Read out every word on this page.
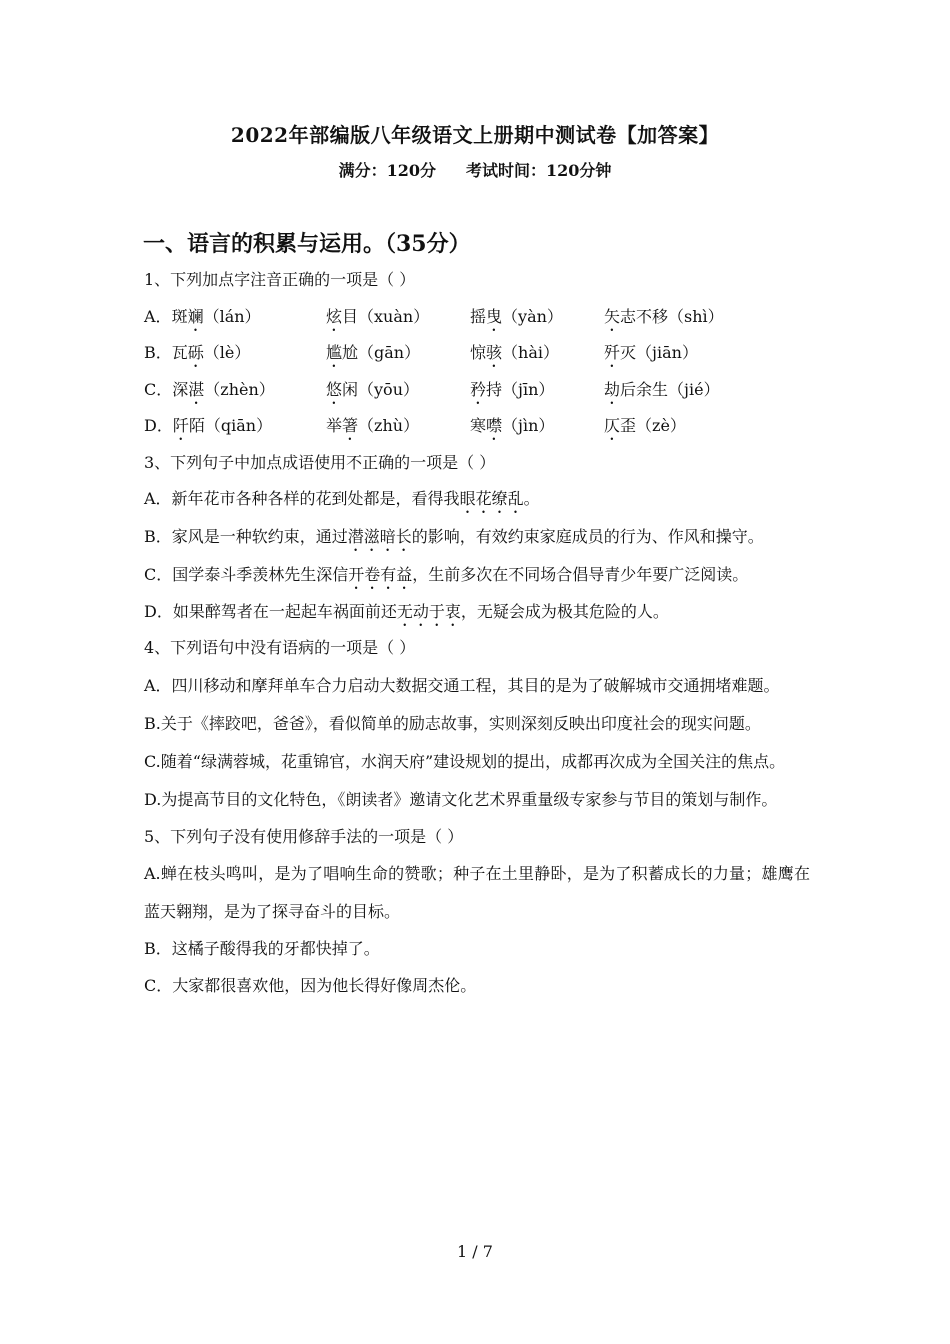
2022年部编版八年级语文上册期中测试卷【加答案】
满分：120分 考试时间：120分钟
一、语言的积累与运用。（35分）
1、下列加点字注音正确的一项是（ ）
A．斑斓（lán）	炫目（xuàn）	摇曳（yàn）	矢志不移（shì）
B．瓦砾（lè）	尴尬（gān）	惊骇（hài）	歼灭（jiān）
C．深湛（zhèn）	悠闲（yōu）	矜持（jīn）	劫后余生（jié）
D．阡陌（qiān）	举箸（zhù）	寒噤（jìn）	仄歪（zè）
3、下列句子中加点成语使用不正确的一项是（ ）
A．新年花市各种各样的花到处都是，看得我眼花缭乱。
B．家风是一种软约束，通过潜滋暗长的影响，有效约束家庭成员的行为、作风和操守。
C．国学泰斗季羡林先生深信开卷有益，生前多次在不同场合倡导青少年要广泛阅读。
D．如果醉驾者在一起起车祸面前还无动于衷，无疑会成为极其危险的人。
4、下列语句中没有语病的一项是（ ）
A．四川移动和摩拜单车合力启动大数据交通工程，其目的是为了破解城市交通拥堵难题。
B.关于《摔跤吧，爸爸》，看似简单的励志故事，实则深刻反映出印度社会的现实问题。
C.随着“绿满蓉城，花重锦官，水润天府”建设规划的提出，成都再次成为全国关注的焦点。
D.为提高节目的文化特色，《朗读者》邀请文化艺术界重量级专家参与节目的策划与制作。
5、下列句子没有使用修辞手法的一项是（ ）
A.蝉在枝头鸣叫，是为了唱响生命的赞歌；种子在土里静卧，是为了积蓄成长的力量；雄鹰在蓝天翱翔，是为了探寻奋斗的目标。
B．这橘子酸得我的牙都快掉了。
C．大家都很喜欢他，因为他长得好像周杰伦。
1 / 7
